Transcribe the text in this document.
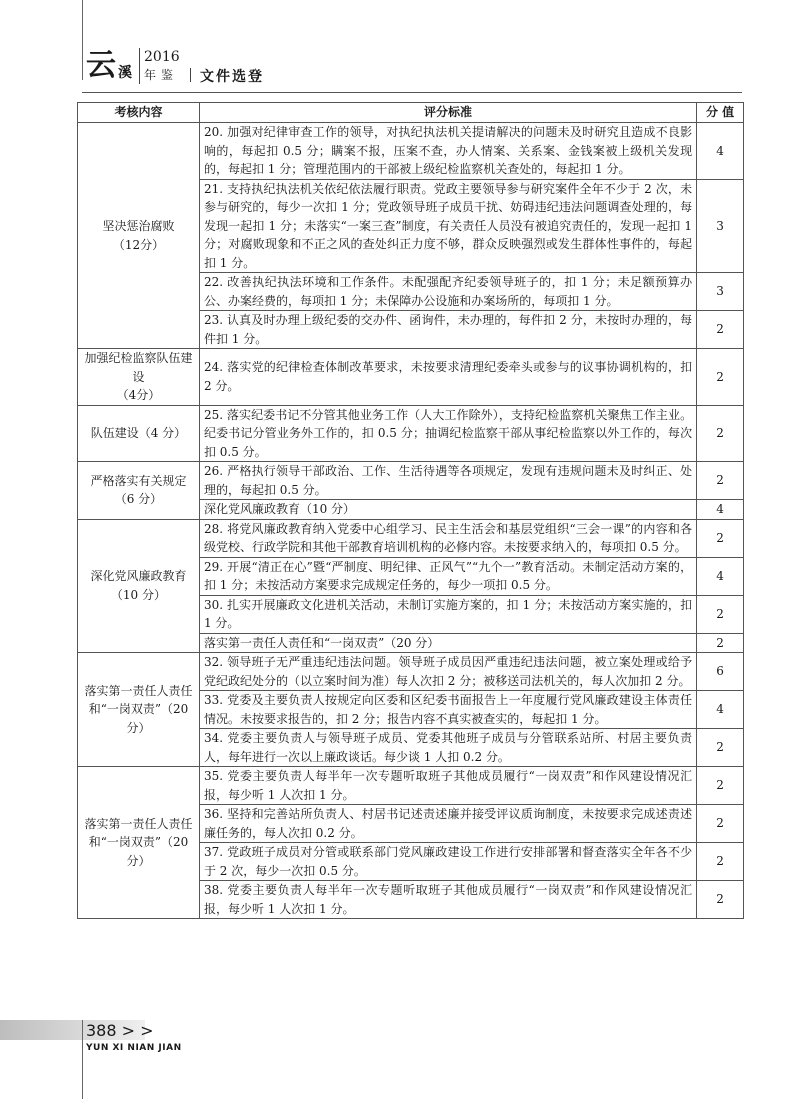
云 溪
2016
年鉴 文件选登
考核内容	评分标准	分 值
坚决惩治腐败
（12分）	20. 加强对纪律审查工作的领导，对执纪执法机关提请解决的问题未及时研究且造成不良影响的，每起扣 0.5 分；瞒案不报，压案不查，办人情案、关系案、金钱案被上级机关发现的，每起扣 1 分；管理范围内的干部被上级纪检监察机关查处的，每起扣 1 分。	4
	21. 支持执纪执法机关依纪依法履行职责。党政主要领导参与研究案件全年不少于 2 次，未参与研究的，每少一次扣 1 分；党政领导班子成员干扰、妨碍违纪违法问题调查处理的，每发现一起扣 1 分；未落实“一案三查”制度，有关责任人员没有被追究责任的，发现一起扣 1 分；对腐败现象和不正之风的查处纠正力度不够，群众反映强烈或发生群体性事件的，每起扣 1 分。	3
	22. 改善执纪执法环境和工作条件。未配强配齐纪委领导班子的，扣 1 分；未足额预算办公、办案经费的，每项扣 1 分；未保障办公设施和办案场所的，每项扣 1 分。	3
	23. 认真及时办理上级纪委的交办件、函询件，未办理的，每件扣 2 分，未按时办理的，每件扣 1 分。	2
加强纪检监察队伍建设
（4分）	24. 落实党的纪律检查体制改革要求，未按要求清理纪委牵头或参与的议事协调机构的，扣 2 分。	2
队伍建设（4 分）	25. 落实纪委书记不分管其他业务工作（人大工作除外），支持纪检监察机关聚焦工作主业。纪委书记分管业务外工作的，扣 0.5 分；抽调纪检监察干部从事纪检监察以外工作的，每次扣 0.5 分。	2
严格落实有关规定
（6 分）	26. 严格执行领导干部政治、工作、生活待遇等各项规定，发现有违规问题未及时纠正、处理的，每起扣 0.5 分。	2
	深化党风廉政教育（10 分）	4
深化党风廉政教育
（10 分）	28. 将党风廉政教育纳入党委中心组学习、民主生活会和基层党组织“三会一课”的内容和各级党校、行政学院和其他干部教育培训机构的必修内容。未按要求纳入的，每项扣 0.5 分。	2
	29. 开展“清正在心”暨“严制度、明纪律、正风气”“九个一”教育活动。未制定活动方案的，扣 1 分；未按活动方案要求完成规定任务的，每少一项扣 0.5 分。	4
	30. 扎实开展廉政文化进机关活动，未制订实施方案的，扣 1 分；未按活动方案实施的，扣 1 分。	2
	落实第一责任人责任和“一岗双责”（20 分）	2
落实第一责任人责任
和“一岗双责”（20 分）	32. 领导班子无严重违纪违法问题。领导班子成员因严重违纪违法问题，被立案处理或给予党纪政纪处分的（以立案时间为准）每人次扣 2 分；被移送司法机关的，每人次加扣 2 分。	6
	33. 党委及主要负责人按规定向区委和区纪委书面报告上一年度履行党风廉政建设主体责任情况。未按要求报告的，扣 2 分；报告内容不真实被查实的，每起扣 1 分。	4
	34. 党委主要负责人与领导班子成员、党委其他班子成员与分管联系站所、村居主要负责人，每年进行一次以上廉政谈话。每少谈 1 人扣 0.2 分。	2
落实第一责任人责任
和“一岗双责”（20 分）	35. 党委主要负责人每半年一次专题听取班子其他成员履行“一岗双责”和作风建设情况汇报，每少听 1 人次扣 1 分。	2
	36. 坚持和完善站所负责人、村居书记述责述廉并接受评议质询制度，未按要求完成述责述廉任务的，每人次扣 0.2 分。	2
	37. 党政班子成员对分管或联系部门党风廉政建设工作进行安排部署和督查落实全年各不少于 2 次，每少一次扣 0.5 分。	2
	38. 党委主要负责人每半年一次专题听取班子其他成员履行“一岗双责”和作风建设情况汇报，每少听 1 人次扣 1 分。	2
388 > >
YUN XI NIAN JIAN
